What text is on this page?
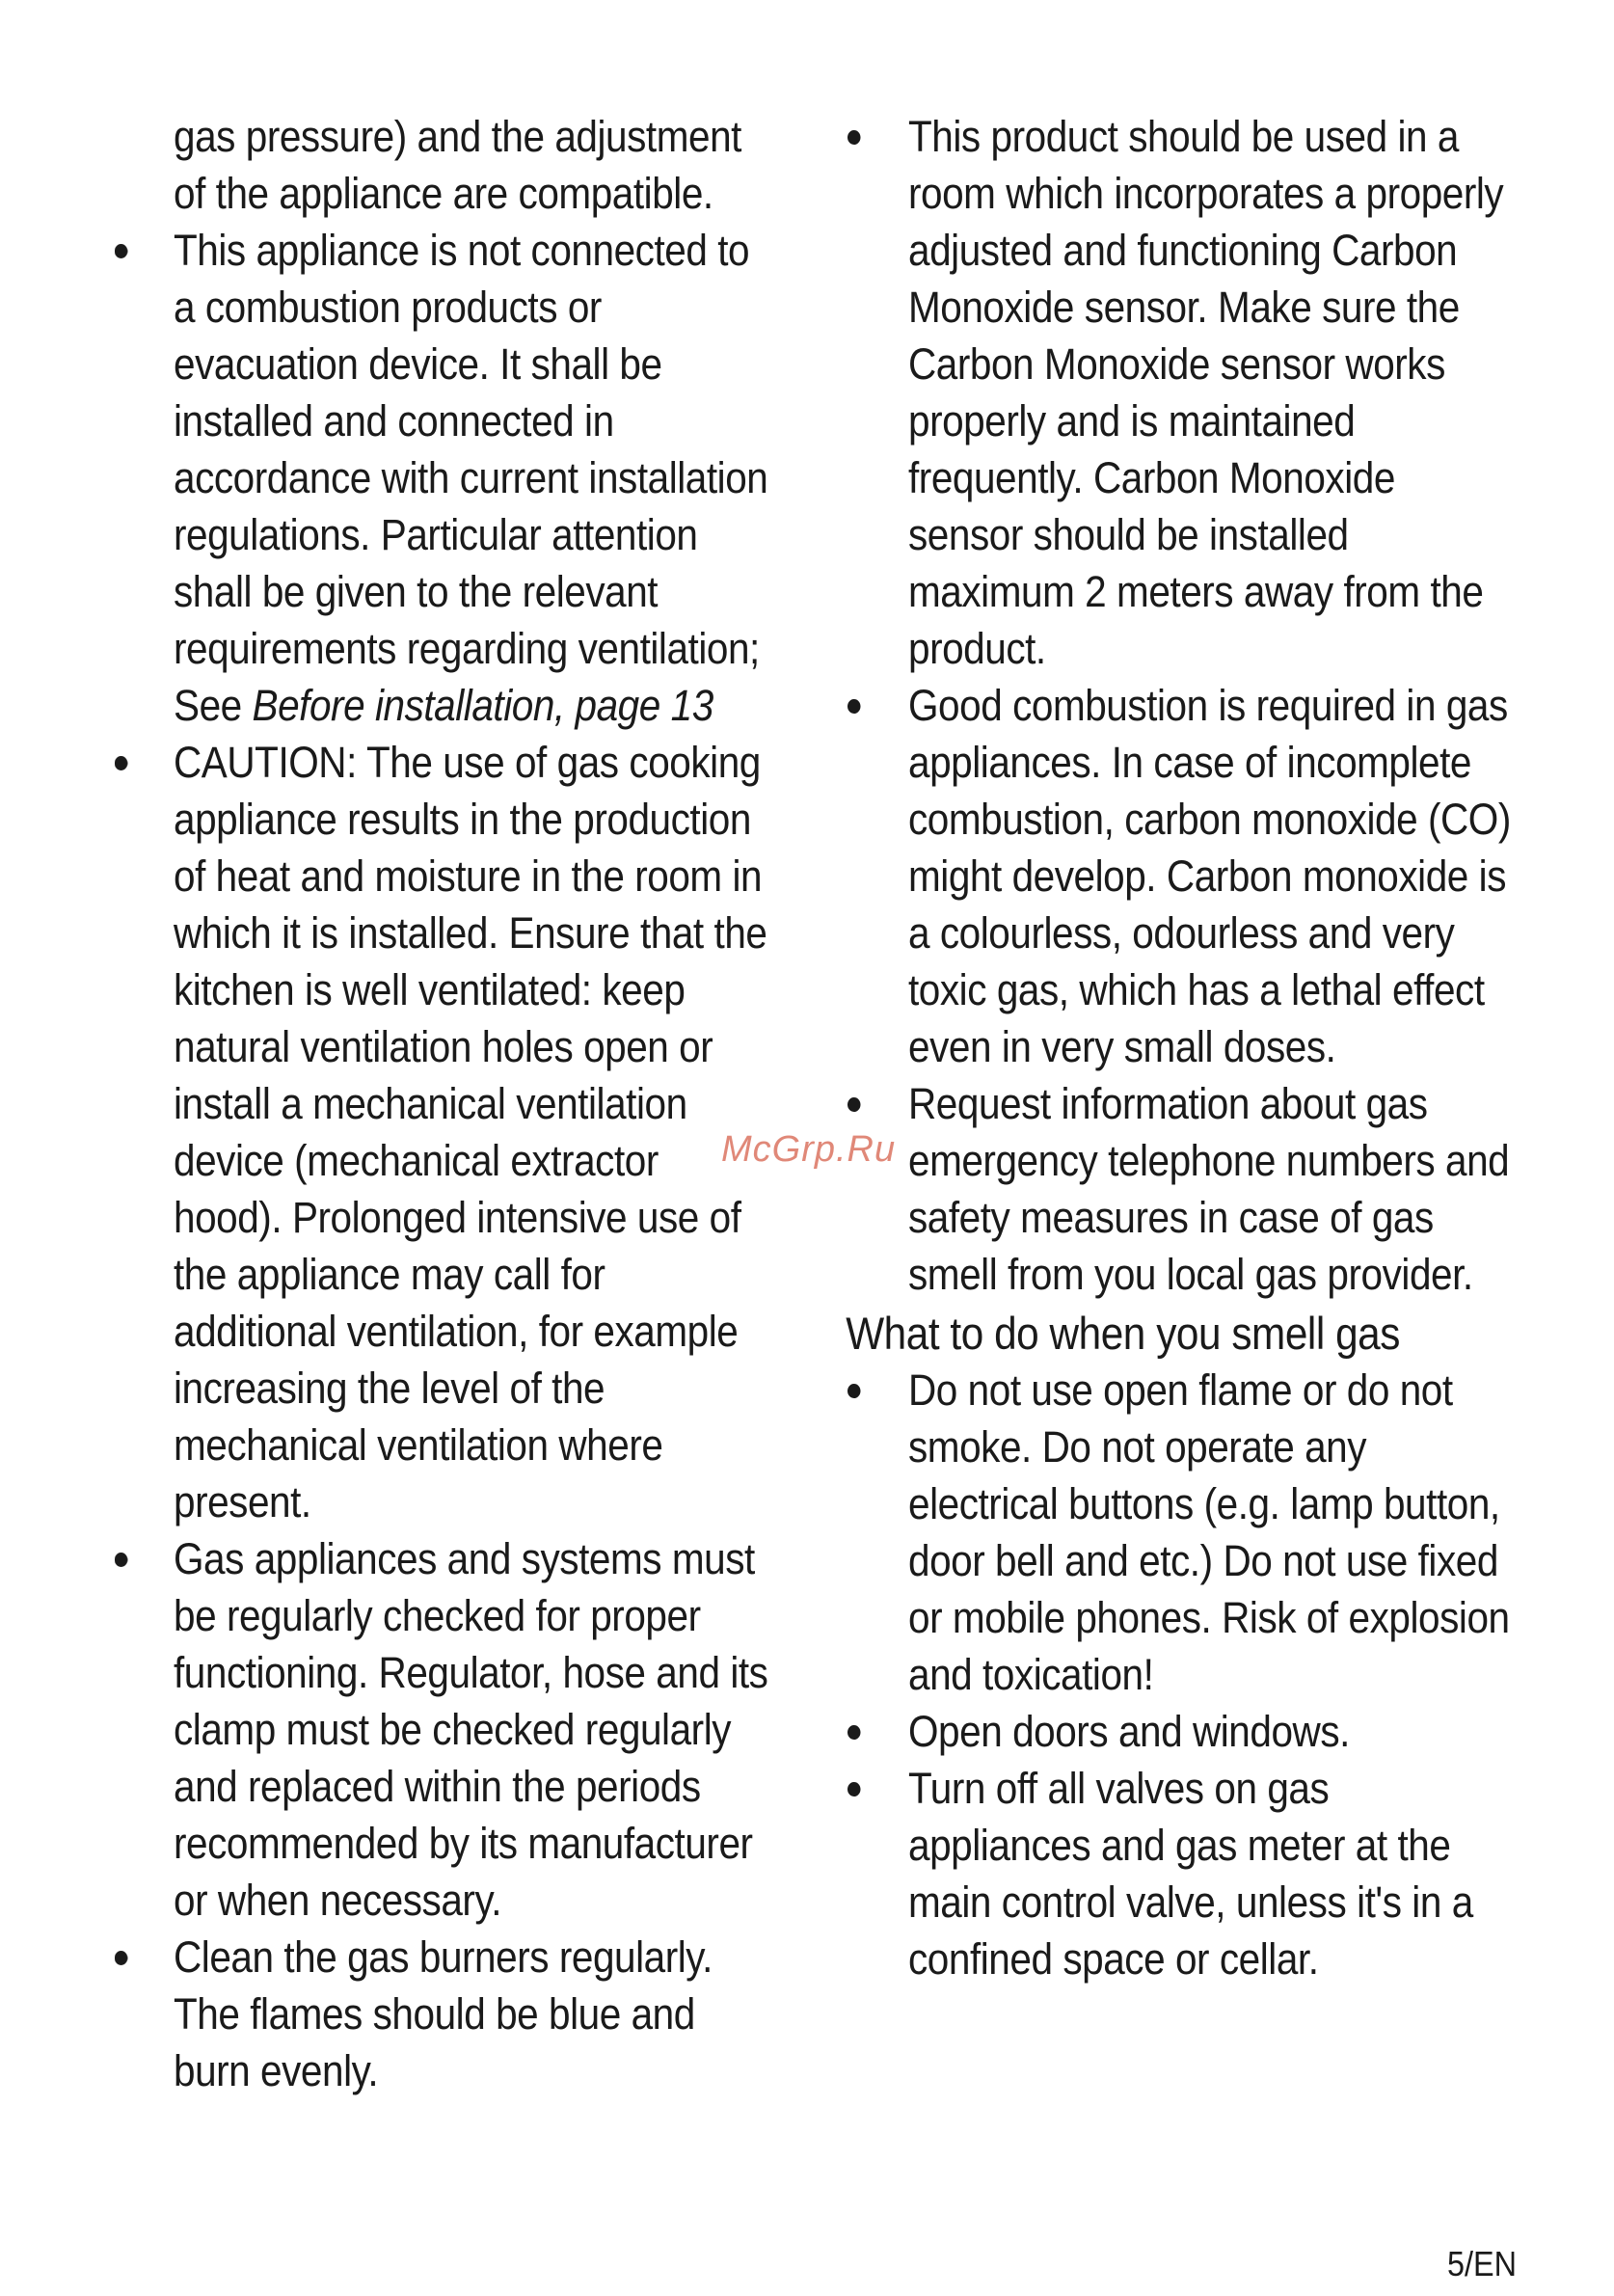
gas pressure) and the adjustment of the appliance are compatible.

This appliance is not connected to a combustion products or evacuation device. It shall be installed and connected in accordance with current installation regulations. Particular attention shall be given to the relevant requirements regarding ventilation; See Before installation, page 13
CAUTION: The use of gas cooking appliance results in the production of heat and moisture in the room in which it is installed. Ensure that the kitchen is well ventilated: keep natural ventilation holes open or install a mechanical ventilation device (mechanical extractor hood). Prolonged intensive use of the appliance may call for additional ventilation, for example increasing the level of the mechanical ventilation where present.
Gas appliances and systems must be regularly checked for proper functioning. Regulator, hose and its clamp must be checked regularly and replaced within the periods recommended by its manufacturer or when necessary.
Clean the gas burners regularly. The flames should be blue and burn evenly.
This product should be used in a room which incorporates a properly adjusted and functioning Carbon Monoxide sensor. Make sure the Carbon Monoxide sensor works properly and is maintained frequently. Carbon Monoxide sensor should be installed maximum 2 meters away from the product.
Good combustion is required in gas appliances. In case of incomplete combustion, carbon monoxide (CO) might develop. Carbon monoxide is a colourless, odourless and very toxic gas, which has a lethal effect even in very small doses.
Request information about gas emergency telephone numbers and safety measures in case of gas smell from you local gas provider.
What to do when you smell gas
Do not use open flame or do not smoke. Do not operate any electrical buttons (e.g. lamp button, door bell and etc.) Do not use fixed or mobile phones. Risk of explosion and toxication!
Open doors and windows.
Turn off all valves on gas appliances and gas meter at the main control valve, unless it's in a confined space or cellar.
McGrp.Ru
5/EN
